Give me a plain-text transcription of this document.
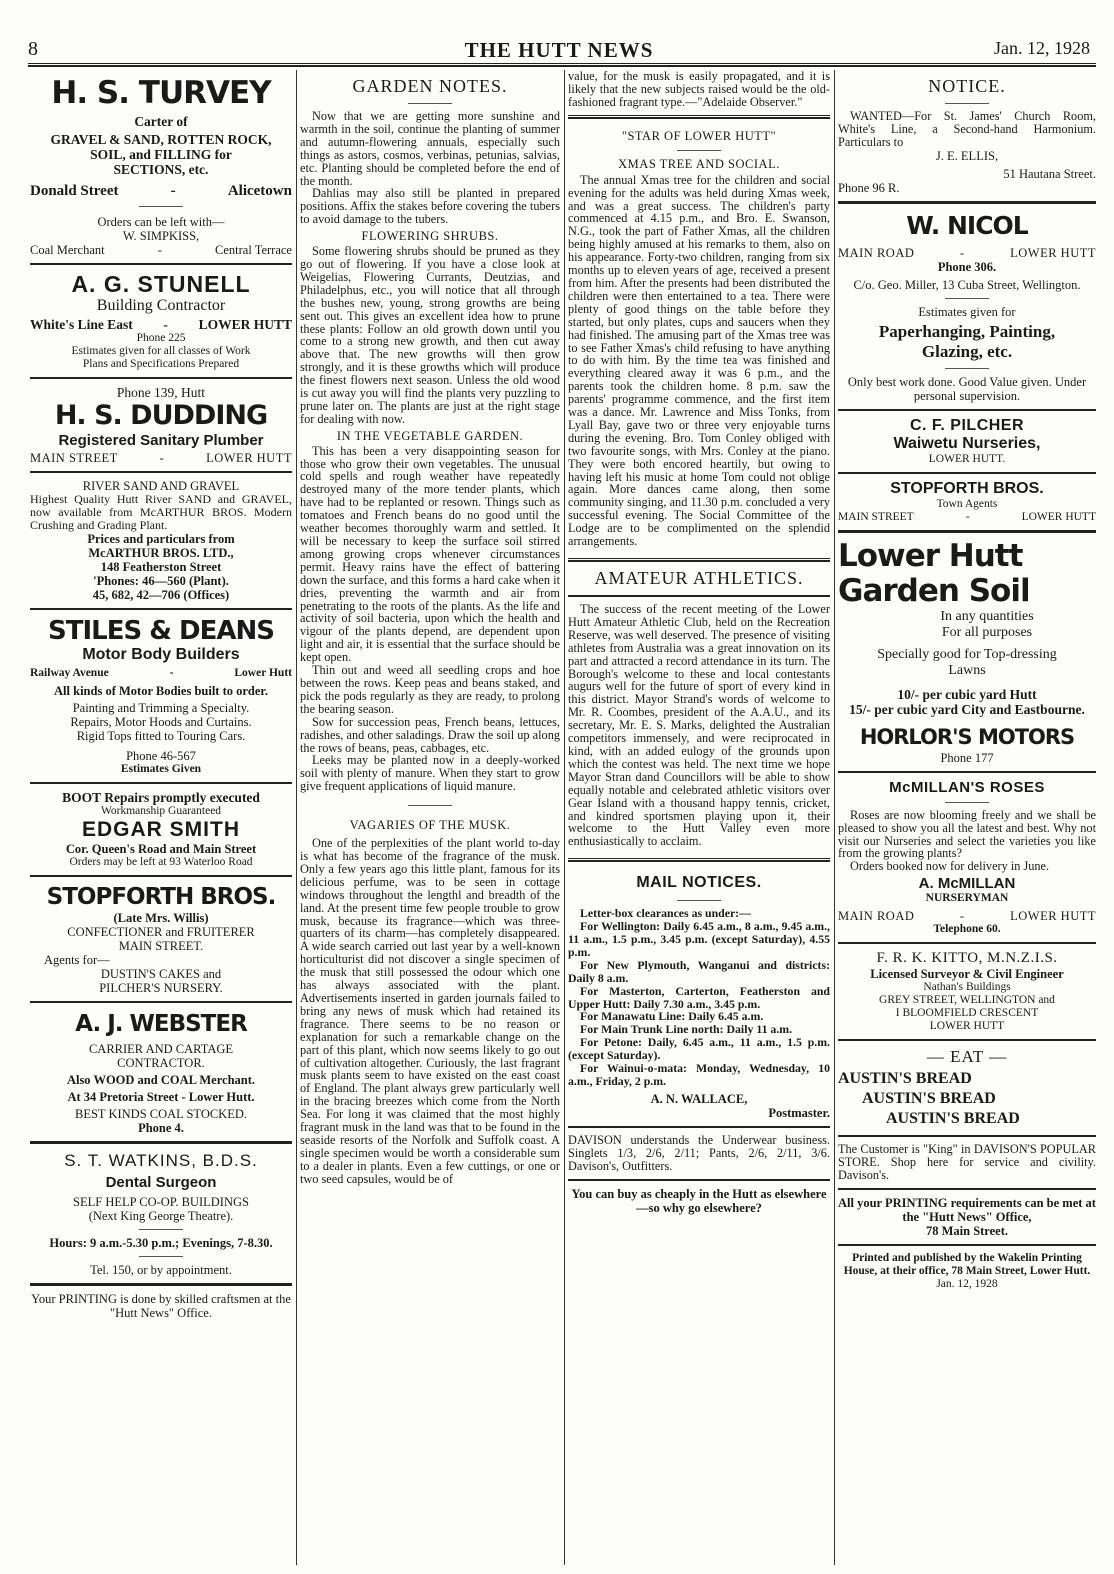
8	THE HUTT NEWS	Jan. 12, 1928
H. S. TURVEY
Carter of
GRAVEL & SAND, ROTTEN ROCK,
SOIL, and FILLING for
SECTIONS, etc.
Donald Street	-	Alicetown
Orders can be left with—
W. SIMPKISS,
Coal Merchant	-	Central Terrace
A. G. STUNELL
Building Contractor
White's Line East - LOWER HUTT
Phone 225
Estimates given for all classes of Work
Plans and Specifications Prepared
Phone 139, Hutt
H. S. DUDDING
Registered Sanitary Plumber
MAIN STREET	-	LOWER HUTT
RIVER SAND AND GRAVEL
Highest Quality Hutt River SAND and GRAVEL, now available from McARTHUR BROS. Modern Crushing and Grading Plant.
Prices and particulars from
McARTHUR BROS. LTD.,
148 Featherston Street
'Phones: 46—560 (Plant).
45, 682, 42—706 (Offices)
STILES & DEANS
Motor Body Builders
Railway Avenue	-	Lower Hutt
All kinds of Motor Bodies built to order.
Painting and Trimming a Specialty.
Repairs, Motor Hoods and Curtains.
Rigid Tops fitted to Touring Cars.
Phone 46-567
Estimates Given
BOOT Repairs promptly executed
Workmanship Guaranteed
EDGAR SMITH
Cor. Queen's Road and Main Street
Orders may be left at 93 Waterloo Road
STOPFORTH BROS.
(Late Mrs. Willis)
CONFECTIONER and FRUITERER
MAIN STREET.
Agents for—
DUSTIN'S CAKES and
PILCHER'S NURSERY.
A. J. WEBSTER
CARRIER AND CARTAGE
CONTRACTOR.
Also WOOD and COAL Merchant.
At 34 Pretoria Street - Lower Hutt.
BEST KINDS COAL STOCKED.
Phone 4.
S. T. WATKINS, B.D.S.
Dental Surgeon
SELF HELP CO-OP. BUILDINGS
(Next King George Theatre).
Hours: 9 a.m.-5.30 p.m.; Evenings, 7-8.30.
Tel. 150, or by appointment.
Your PRINTING is done by skilled craftsmen at the "Hutt News" Office.
GARDEN NOTES.

Now that we are getting more sunshine and warmth in the soil, continue the planting of summer and autumn-flowering annuals, especially such things as astors, cosmos, verbinas, petunias, salvias, etc. Planting should be completed before the end of the month.

Dahlias may also still be planted in prepared positions. Affix the stakes before covering the tubers to avoid damage to the tubers.

FLOWERING SHRUBS.

Some flowering shrubs should be pruned as they go out of flowering. If you have a close look at Weigelias, Flowering Currants, Deutzias, and Philadelphus, etc., you will notice that all through the bushes new, young, strong growths are being sent out. This gives an excellent idea how to prune these plants: Follow an old growth down until you come to a strong new growth, and then cut away above that. The new growths will then grow strongly, and it is these growths which will produce the finest flowers next season. Unless the old wood is cut away you will find the plants very puzzling to prune later on. The plants are just at the right stage for dealing with now.

IN THE VEGETABLE GARDEN.

This has been a very disappointing season for those who grow their own vegetables. The unusual cold spells and rough weather have repeatedly destroyed many of the more tender plants, which have had to be replanted or resown. Things such as tomatoes and French beans do no good until the weather becomes thoroughly warm and settled. It will be necessary to keep the surface soil stirred among growing crops whenever circumstances permit. Heavy rains have the effect of battering down the surface, and this forms a hard cake when it dries, preventing the warmth and air from penetrating to the roots of the plants. As the life and activity of soil bacteria, upon which the health and vigour of the plants depend, are dependent upon light and air, it is essential that the surface should be kept open.

Thin out and weed all seedling crops and hoe between the rows. Keep peas and beans staked, and pick the pods regularly as they are ready, to prolong the bearing season.

Sow for succession peas, French beans, lettuces, radishes, and other saladings. Draw the soil up along the rows of beans, peas, cabbages, etc.

Leeks may be planted now in a deeply-worked soil with plenty of manure. When they start to grow give frequent applications of liquid manure.

VAGARIES OF THE MUSK.

One of the perplexities of the plant world to-day is what has become of the fragrance of the musk. Only a few years ago this little plant, famous for its delicious perfume, was to be seen in cottage windows throughout the lengthl and breadth of the land. At the present time few people trouble to grow musk, because its fragrance—which was three-quarters of its charm—has completely disappeared. A wide search carried out last year by a well-known horticulturist did not discover a single specimen of the musk that still possessed the odour which one has always associated with the plant. Advertisements inserted in garden journals failed to bring any news of musk which had retained its fragrance. There seems to be no reason or explanation for such a remarkable change on the part of this plant, which now seems likely to go out of cultivation altogether. Curiously, the last fragrant musk plants seem to have existed on the east coast of England. The plant always grew particularly well in the bracing breezes which come from the North Sea. For long it was claimed that the most highly fragrant musk in the land was that to be found in the seaside resorts of the Norfolk and Suffolk coast. A single specimen would be worth a considerable sum to a dealer in plants. Even a few cuttings, or one or two seed capsules, would be of

value, for the musk is easily propagated, and it is likely that the new subjects raised would be the old-fashioned fragrant type.—"Adelaide Observer."

"STAR OF LOWER HUTT"
XMAS TREE AND SOCIAL.

The annual Xmas tree for the children and social evening for the adults was held during Xmas week, and was a great success. The children's party commenced at 4.15 p.m., and Bro. E. Swanson, N.G., took the part of Father Xmas, all the children being highly amused at his remarks to them, also on his appearance. Forty-two children, ranging from six months up to eleven years of age, received a present from him. After the presents had been distributed the children were then entertained to a tea. There were plenty of good things on the table before they started, but only plates, cups and saucers when they had finished. The amusing part of the Xmas tree was to see Father Xmas's child refusing to have anything to do with him. By the time tea was finished and everything cleared away it was 6 p.m., and the parents took the children home. 8 p.m. saw the parents' programme commence, and the first item was a dance. Mr. Lawrence and Miss Tonks, from Lyall Bay, gave two or three very enjoyable turns during the evening. Bro. Tom Conley obliged with two favourite songs, with Mrs. Conley at the piano. They were both encored heartily, but owing to having left his music at home Tom could not oblige again. More dances came along, then some community singing, and 11.30 p.m. concluded a very successful evening. The Social Committee of the Lodge are to be complimented on the splendid arrangements.

AMATEUR ATHLETICS.

The success of the recent meeting of the Lower Hutt Amateur Athletic Club, held on the Recreation Reserve, was well deserved. The presence of visiting athletes from Australia was a great innovation on its part and attracted a record attendance in its turn. The Borough's welcome to these and local contestants augurs well for the future of sport of every kind in this district. Mayor Strand's words of welcome to Mr. R. Coombes, president of the A.A.U., and its secretary, Mr. E. S. Marks, delighted the Australian competitors immensely, and were reciprocated in kind, with an added eulogy of the grounds upon which the contest was held. The next time we hope Mayor Stran dand Councillors will be able to show equally notable and celebrated athletic visitors over Gear Island with a thousand happy tennis, cricket, and kindred sportsmen playing upon it, their welcome to the Hutt Valley even more enthusiastically to acclaim.

MAIL NOTICES.

Letter-box clearances as under:—

For Wellington: Daily 6.45 a.m., 8 a.m., 9.45 a.m., 11 a.m., 1.5 p.m., 3.45 p.m. (except Saturday), 4.55 p.m.

For New Plymouth, Wanganui and districts: Daily 8 a.m.

For Masterton, Carterton, Featherston and Upper Hutt: Daily 7.30 a.m., 3.45 p.m.

For Manawatu Line: Daily 6.45 a.m.

For Main Trunk Line north: Daily 11 a.m.

For Petone: Daily, 6.45 a.m., 11 a.m., 1.5 p.m. (except Saturday).

For Wainui-o-mata: Monday, Wednesday, 10 a.m., Friday, 2 p.m.

A. N. WALLACE,
Postmaster.
DAVISON understands the Underwear business. Singlets 1/3, 2/6, 2/11; Pants, 2/6, 2/11, 3/6. Davison's, Outfitters.
You can buy as cheaply in the Hutt as elsewhere—so why go elsewhere?
NOTICE.

WANTED—For St. James' Church Room, White's Line, a Second-hand Harmonium. Particulars to

J. E. ELLIS,
51 Hautana Street.
Phone 96 R.
W. NICOL
MAIN ROAD	-	LOWER HUTT
Phone 306.
C/o. Geo. Miller, 13 Cuba Street, Wellington.
Estimates given for
Paperhanging, Painting,
Glazing, etc.
Only best work done. Good Value given. Under personal supervision.
C. F. PILCHER
Waiwetu Nurseries,
LOWER HUTT.
STOPFORTH BROS.
Town Agents
MAIN STREET	-	LOWER HUTT
Lower Hutt
Garden Soil
In any quantities
For all purposes
Specially good for Top-dressing
Lawns
10/- per cubic yard Hutt
15/- per cubic yard City and Eastbourne.
HORLOR'S MOTORS
Phone 177
McMILLAN'S ROSES

Roses are now blooming freely and we shall be pleased to show you all the latest and best. Why not visit our Nurseries and select the varieties you like from the growing plants?

Orders booked now for delivery in June.

A. McMILLAN
NURSERYMAN
MAIN ROAD	-	LOWER HUTT
Telephone 60.
F. R. K. KITTO, M.N.Z.I.S.
Licensed Surveyor & Civil Engineer
Nathan's Buildings
GREY STREET, WELLINGTON and
I BLOOMFIELD CRESCENT
LOWER HUTT
— EAT —
AUSTIN'S BREAD
AUSTIN'S BREAD
AUSTIN'S BREAD
The Customer is "King" in DAVISON'S POPULAR STORE. Shop here for service and civility. Davison's.
All your PRINTING requirements can be met at the "Hutt News" Office,
78 Main Street.
Printed and published by the Wakelin Printing House, at their office, 78 Main Street, Lower Hutt.
Jan. 12, 1928
